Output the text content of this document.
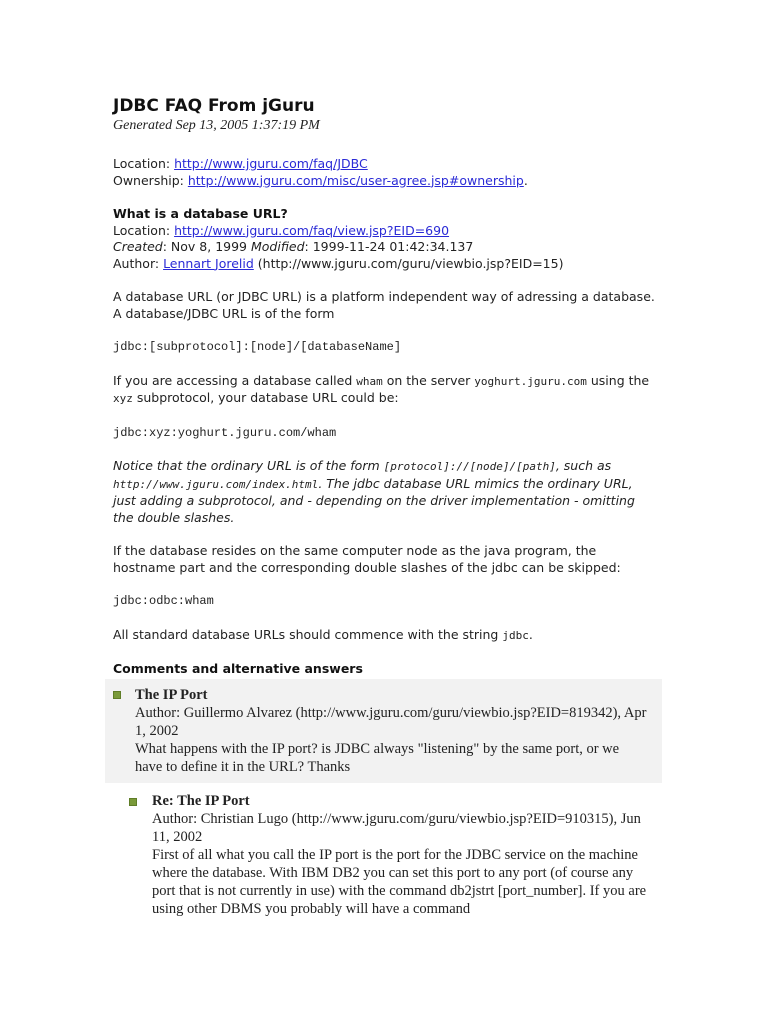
JDBC FAQ From jGuru

Generated Sep 13, 2005 1:37:19 PM

Location: http://www.jguru.com/faq/JDBC

Ownership: http://www.jguru.com/misc/user-agree.jsp#ownership.

What is a database URL?

Location: http://www.jguru.com/faq/view.jsp?EID=690

Created: Nov 8, 1999 Modified: 1999-11-24 01:42:34.137

Author: Lennart Jorelid (http://www.jguru.com/guru/viewbio.jsp?EID=15)

A database URL (or JDBC URL) is a platform independent way of adressing a database. A database/JDBC URL is of the form

jdbc:[subprotocol]:[node]/[databaseName]

If you are accessing a database called wham on the server yoghurt.jguru.com using the xyz subprotocol, your database URL could be:

jdbc:xyz:yoghurt.jguru.com/wham

Notice that the ordinary URL is of the form [protocol]://[node]/[path], such as http://www.jguru.com/index.html. The jdbc database URL mimics the ordinary URL, just adding a subprotocol, and - depending on the driver implementation - omitting the double slashes.

If the database resides on the same computer node as the java program, the hostname part and the corresponding double slashes of the jdbc can be skipped:

jdbc:odbc:wham

All standard database URLs should commence with the string jdbc.

Comments and alternative answers

The IP Port

Author: Guillermo Alvarez (http://www.jguru.com/guru/viewbio.jsp?EID=819342), Apr 1, 2002

What happens with the IP port? is JDBC always "listening" by the same port, or we have to define it in the URL? Thanks

Re: The IP Port

Author: Christian Lugo (http://www.jguru.com/guru/viewbio.jsp?EID=910315), Jun 11, 2002

First of all what you call the IP port is the port for the JDBC service on the machine where the database. With IBM DB2 you can set this port to any port (of course any port that is not currently in use) with the command db2jstrt [port_number]. If you are using other DBMS you probably will have a command
